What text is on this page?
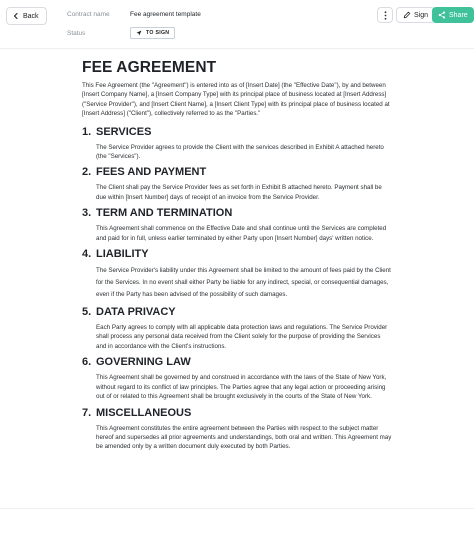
Back	Contract name	Fee agreement template
Status	TO SIGN
Sign	Share
FEE AGREEMENT
This Fee Agreement (the "Agreement") is entered into as of [Insert Date] (the "Effective Date"), by and between [Insert Company Name], a [Insert Company Type] with its principal place of business located at [Insert Address] ("Service Provider"), and [Insert Client Name], a [Insert Client Type] with its principal place of business located at [Insert Address] ("Client"), collectively referred to as the "Parties."
1. SERVICES
The Service Provider agrees to provide the Client with the services described in Exhibit A attached hereto (the "Services").
2. FEES AND PAYMENT
The Client shall pay the Service Provider fees as set forth in Exhibit B attached hereto. Payment shall be due within [Insert Number] days of receipt of an invoice from the Service Provider.
3. TERM AND TERMINATION
This Agreement shall commence on the Effective Date and shall continue until the Services are completed and paid for in full, unless earlier terminated by either Party upon [Insert Number] days' written notice.
4. LIABILITY
The Service Provider's liability under this Agreement shall be limited to the amount of fees paid by the Client for the Services. In no event shall either Party be liable for any indirect, special, or consequential damages, even if the Party has been advised of the possibility of such damages.
5. DATA PRIVACY
Each Party agrees to comply with all applicable data protection laws and regulations. The Service Provider shall process any personal data received from the Client solely for the purpose of providing the Services and in accordance with the Client's instructions.
6. GOVERNING LAW
This Agreement shall be governed by and construed in accordance with the laws of the State of New York, without regard to its conflict of law principles. The Parties agree that any legal action or proceeding arising out of or related to this Agreement shall be brought exclusively in the courts of the State of New York.
7. MISCELLANEOUS
This Agreement constitutes the entire agreement between the Parties with respect to the subject matter hereof and supersedes all prior agreements and understandings, both oral and written. This Agreement may be amended only by a written document duly executed by both Parties.
